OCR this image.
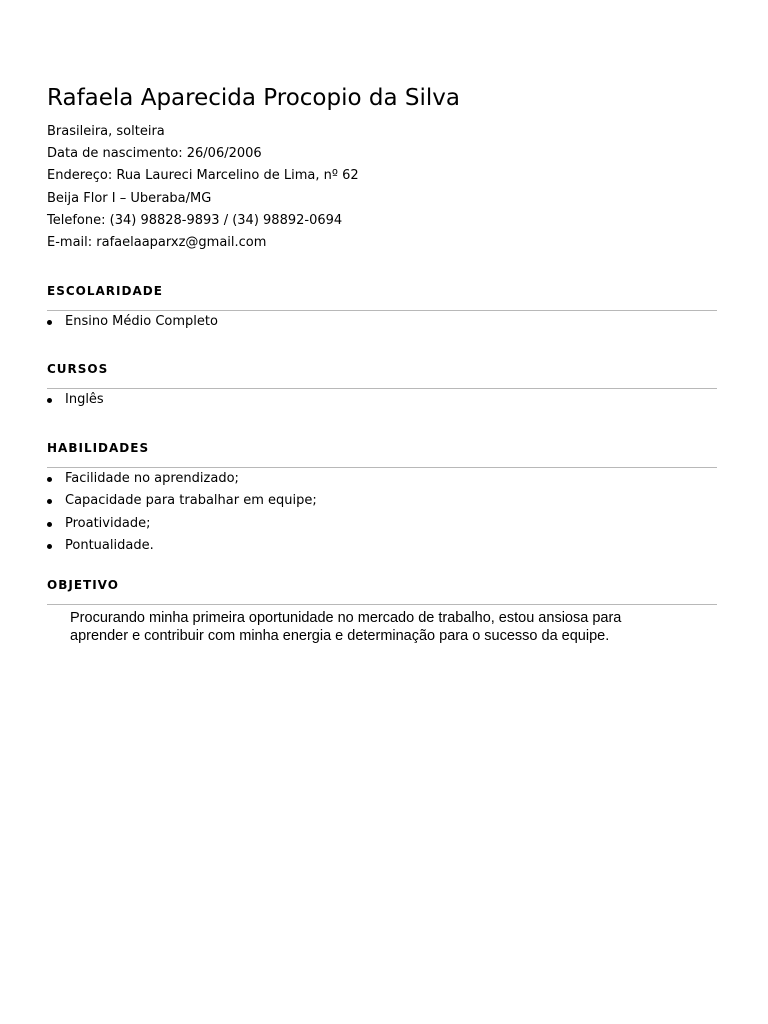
Rafaela Aparecida Procopio da Silva
Brasileira, solteira
Data de nascimento: 26/06/2006
Endereço: Rua Laureci Marcelino de Lima, nº 62
Beija Flor I – Uberaba/MG
Telefone: (34) 98828-9893 / (34) 98892-0694
E-mail: rafaelaaparxz@gmail.com
ESCOLARIDADE
Ensino Médio Completo
CURSOS
Inglês
HABILIDADES
Facilidade no aprendizado;
Capacidade para trabalhar em equipe;
Proatividade;
Pontualidade.
OBJETIVO

Procurando minha primeira oportunidade no mercado de trabalho, estou ansiosa para
aprender e contribuir com minha energia e determinação para o sucesso da equipe.
